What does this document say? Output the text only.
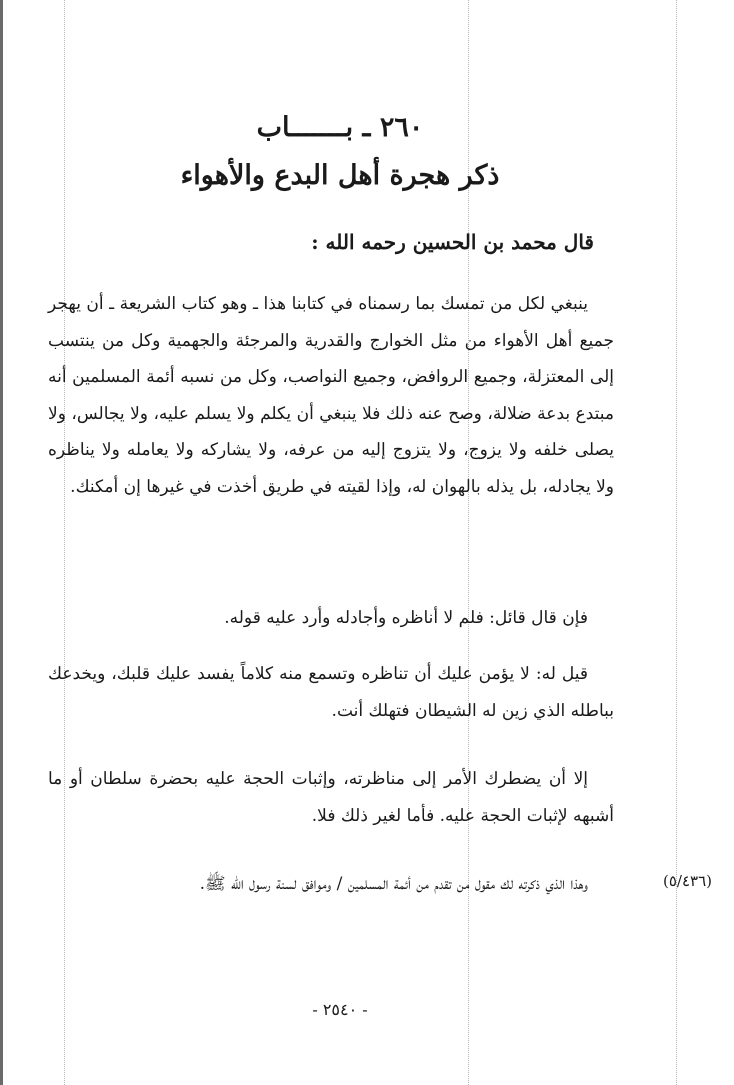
٢٦٠ ـ بـــــــاب
ذكر هجرة أهل البدع والأهواء

قال محمد بن الحسين رحمه الله :

ينبغي لكل من تمسك بما رسمناه في كتابنا هذا ـ وهو كتاب الشريعة ـ أن يهجر جميع أهل الأهواء من مثل الخوارج والقدرية والمرجئة والجهمية وكل من ينتسب إلى المعتزلة، وجميع الروافض، وجميع النواصب، وكل من نسبه أئمة المسلمين أنه مبتدع بدعة ضلالة، وصح عنه ذلك فلا ينبغي أن يكلم ولا يسلم عليه، ولا يجالس، ولا يصلى خلفه ولا يزوج، ولا يتزوج إليه من عرفه، ولا يشاركه ولا يعامله ولا يناظره ولا يجادله، بل يذله بالهوان له، وإذا لقيته في طريق أخذت في غيرها إن أمكنك.

فإن قال قائل: فلم لا أناظره وأجادله وأرد عليه قوله.

قيل له: لا يؤمن عليك أن تناظره وتسمع منه كلاماً يفسد عليك قلبك، ويخدعك بباطله الذي زين له الشيطان فتهلك أنت.

إلا أن يضطرك الأمر إلى مناظرته، وإثبات الحجة عليه بحضرة سلطان أو ما أشبهه لإثبات الحجة عليه. فأما لغير ذلك فلا.

وهذا الذي ذكرته لك مقول من تقدم من أئمة المسلمين / وموافق لسنة رسول الله ﷺ.	(٥/٤٣٦)
- ٢٥٤٠ -
